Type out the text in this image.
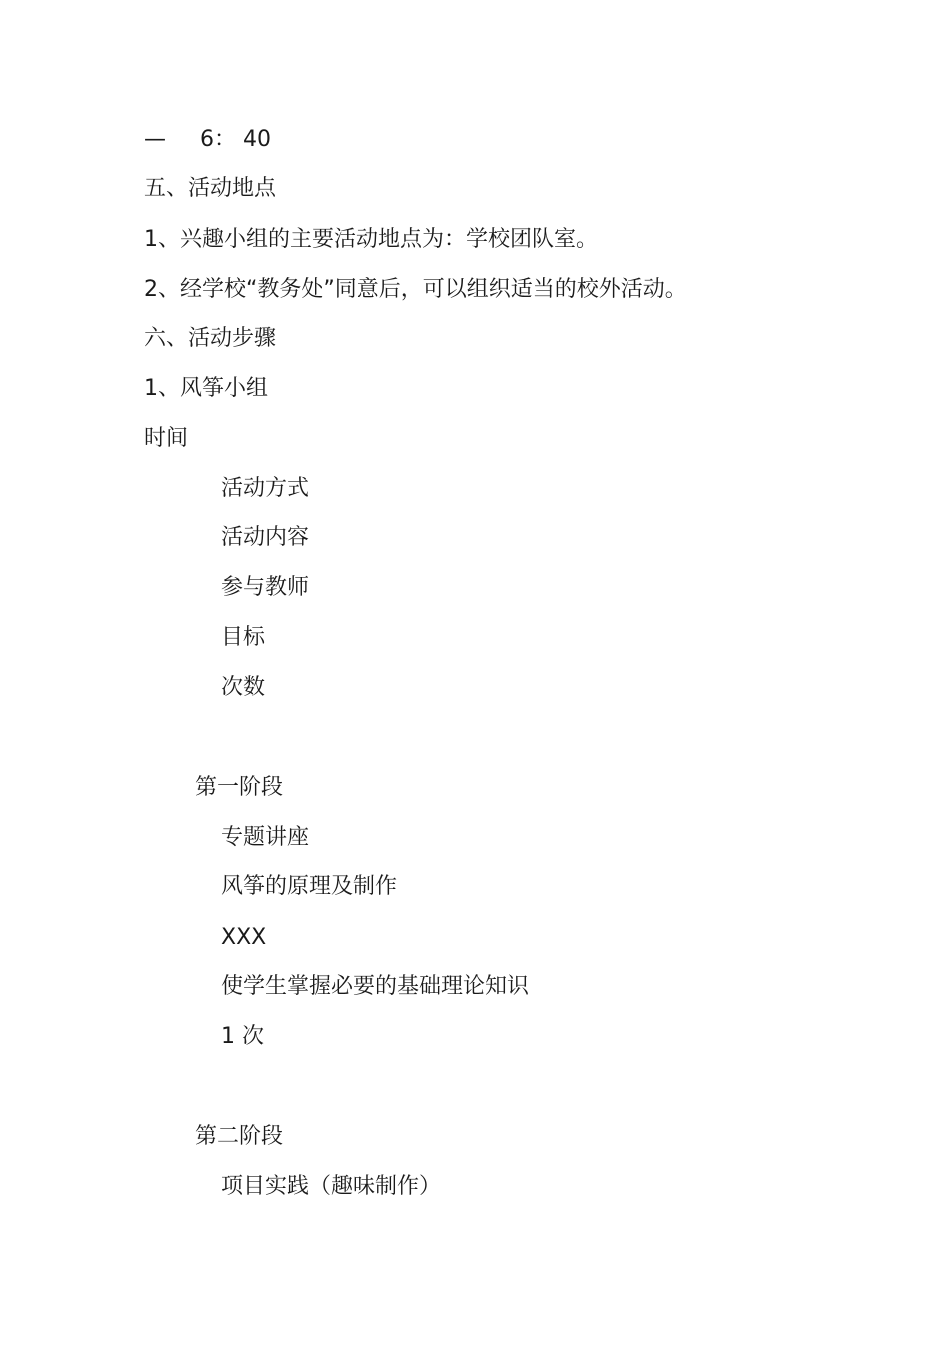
— 6： 40

五、活动地点

1、兴趣小组的主要活动地点为：学校团队室。

2、经学校“教务处”同意后，可以组织适当的校外活动。

六、活动步骤

1、风筝小组

时间

活动方式

活动内容

参与教师

目标

次数

第一阶段

专题讲座

风筝的原理及制作

XXX

使学生掌握必要的基础理论知识

1 次

第二阶段

项目实践（趣味制作）
